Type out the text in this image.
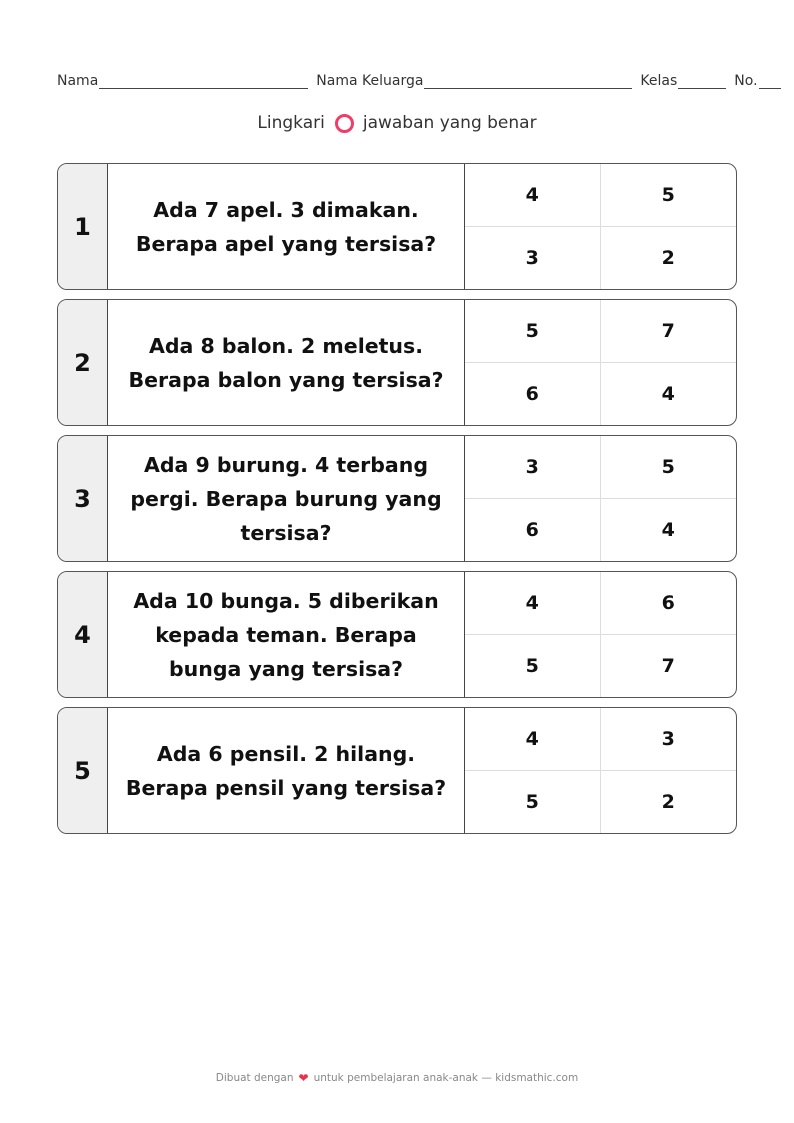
Nama	Nama Keluarga	Kelas	No.
Lingkari jawaban yang benar
1
Ada 7 apel. 3 dimakan. Berapa apel yang tersisa?
4	5
3	2
2
Ada 8 balon. 2 meletus. Berapa balon yang tersisa?
5	7
6	4
3
Ada 9 burung. 4 terbang pergi. Berapa burung yang tersisa?
3	5
6	4
4
Ada 10 bunga. 5 diberikan kepada teman. Berapa bunga yang tersisa?
4	6
5	7
5
Ada 6 pensil. 2 hilang. Berapa pensil yang tersisa?
4	3
5	2
Dibuat dengan ❤ untuk pembelajaran anak-anak — kidsmathic.com
